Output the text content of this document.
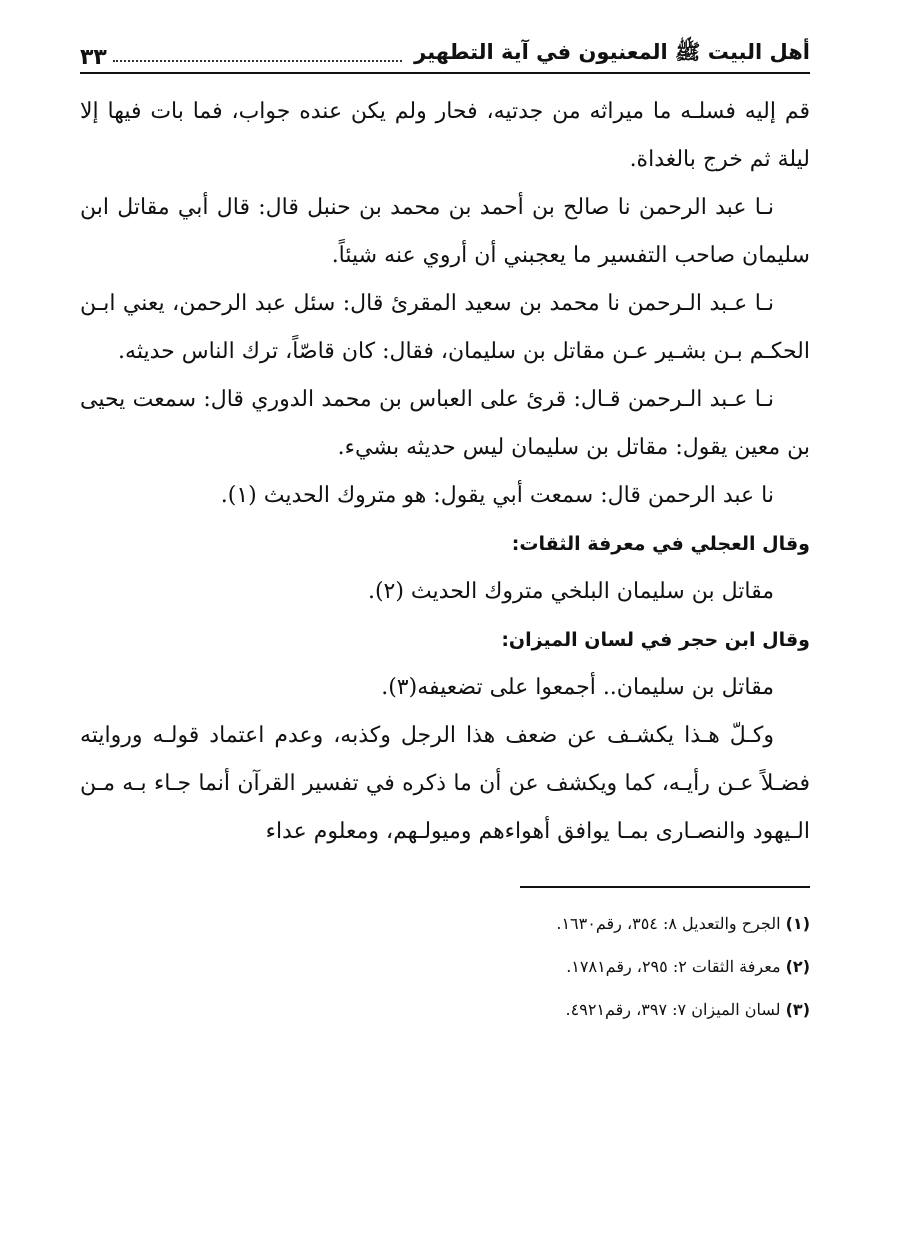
أهل البيت ﷺ المعنيون في آية التطهير
٣٣

قم إليه فسلـه ما ميراثه من جدتيه، فحار ولم يكن عنده جواب، فما بات فيها إلا ليلة ثم خرج بالغداة.

نـا عبد الرحمن نا صالح بن أحمد بن محمد بن حنبل قال: قال أبي مقاتل ابن سليمان صاحب التفسير ما يعجبني أن أروي عنه شيئاً.

نـا عـبد الـرحمن نا محمد بن سعيد المقرئ قال: سئل عبد الرحمن، يعني ابـن الحكـم بـن بشـير عـن مقاتل بن سليمان، فقال: كان قاصّاً، ترك الناس حديثه.

نـا عـبد الـرحمن قـال: قرئ على العباس بن محمد الدوري قال: سمعت يحيى بن معين يقول: مقاتل بن سليمان ليس حديثه بشيء.

نا عبد الرحمن قال: سمعت أبي يقول: هو متروك الحديث (١).

وقال العجلي في معرفة الثقات:

مقاتل بن سليمان البلخي متروك الحديث (٢).

وقال ابن حجر في لسان الميزان:

مقاتل بن سليمان.. أجمعوا على تضعيفه(٣).

وكـلّ هـذا يكشـف عن ضعف هذا الرجل وكذبه، وعدم اعتماد قولـه وروايته فضـلاً عـن رأيـه، كما ويكشف عن أن ما ذكره في تفسير القرآن أنما جـاء بـه مـن الـيهود والنصـارى بمـا يوافق أهواءهم وميولـهم، ومعلوم عداء

(١) الجرح والتعديل ٨: ٣٥٤، رقم١٦٣٠.

(٢) معرفة الثقات ٢: ٢٩٥، رقم١٧٨١.

(٣) لسان الميزان ٧: ٣٩٧، رقم٤٩٢١.
